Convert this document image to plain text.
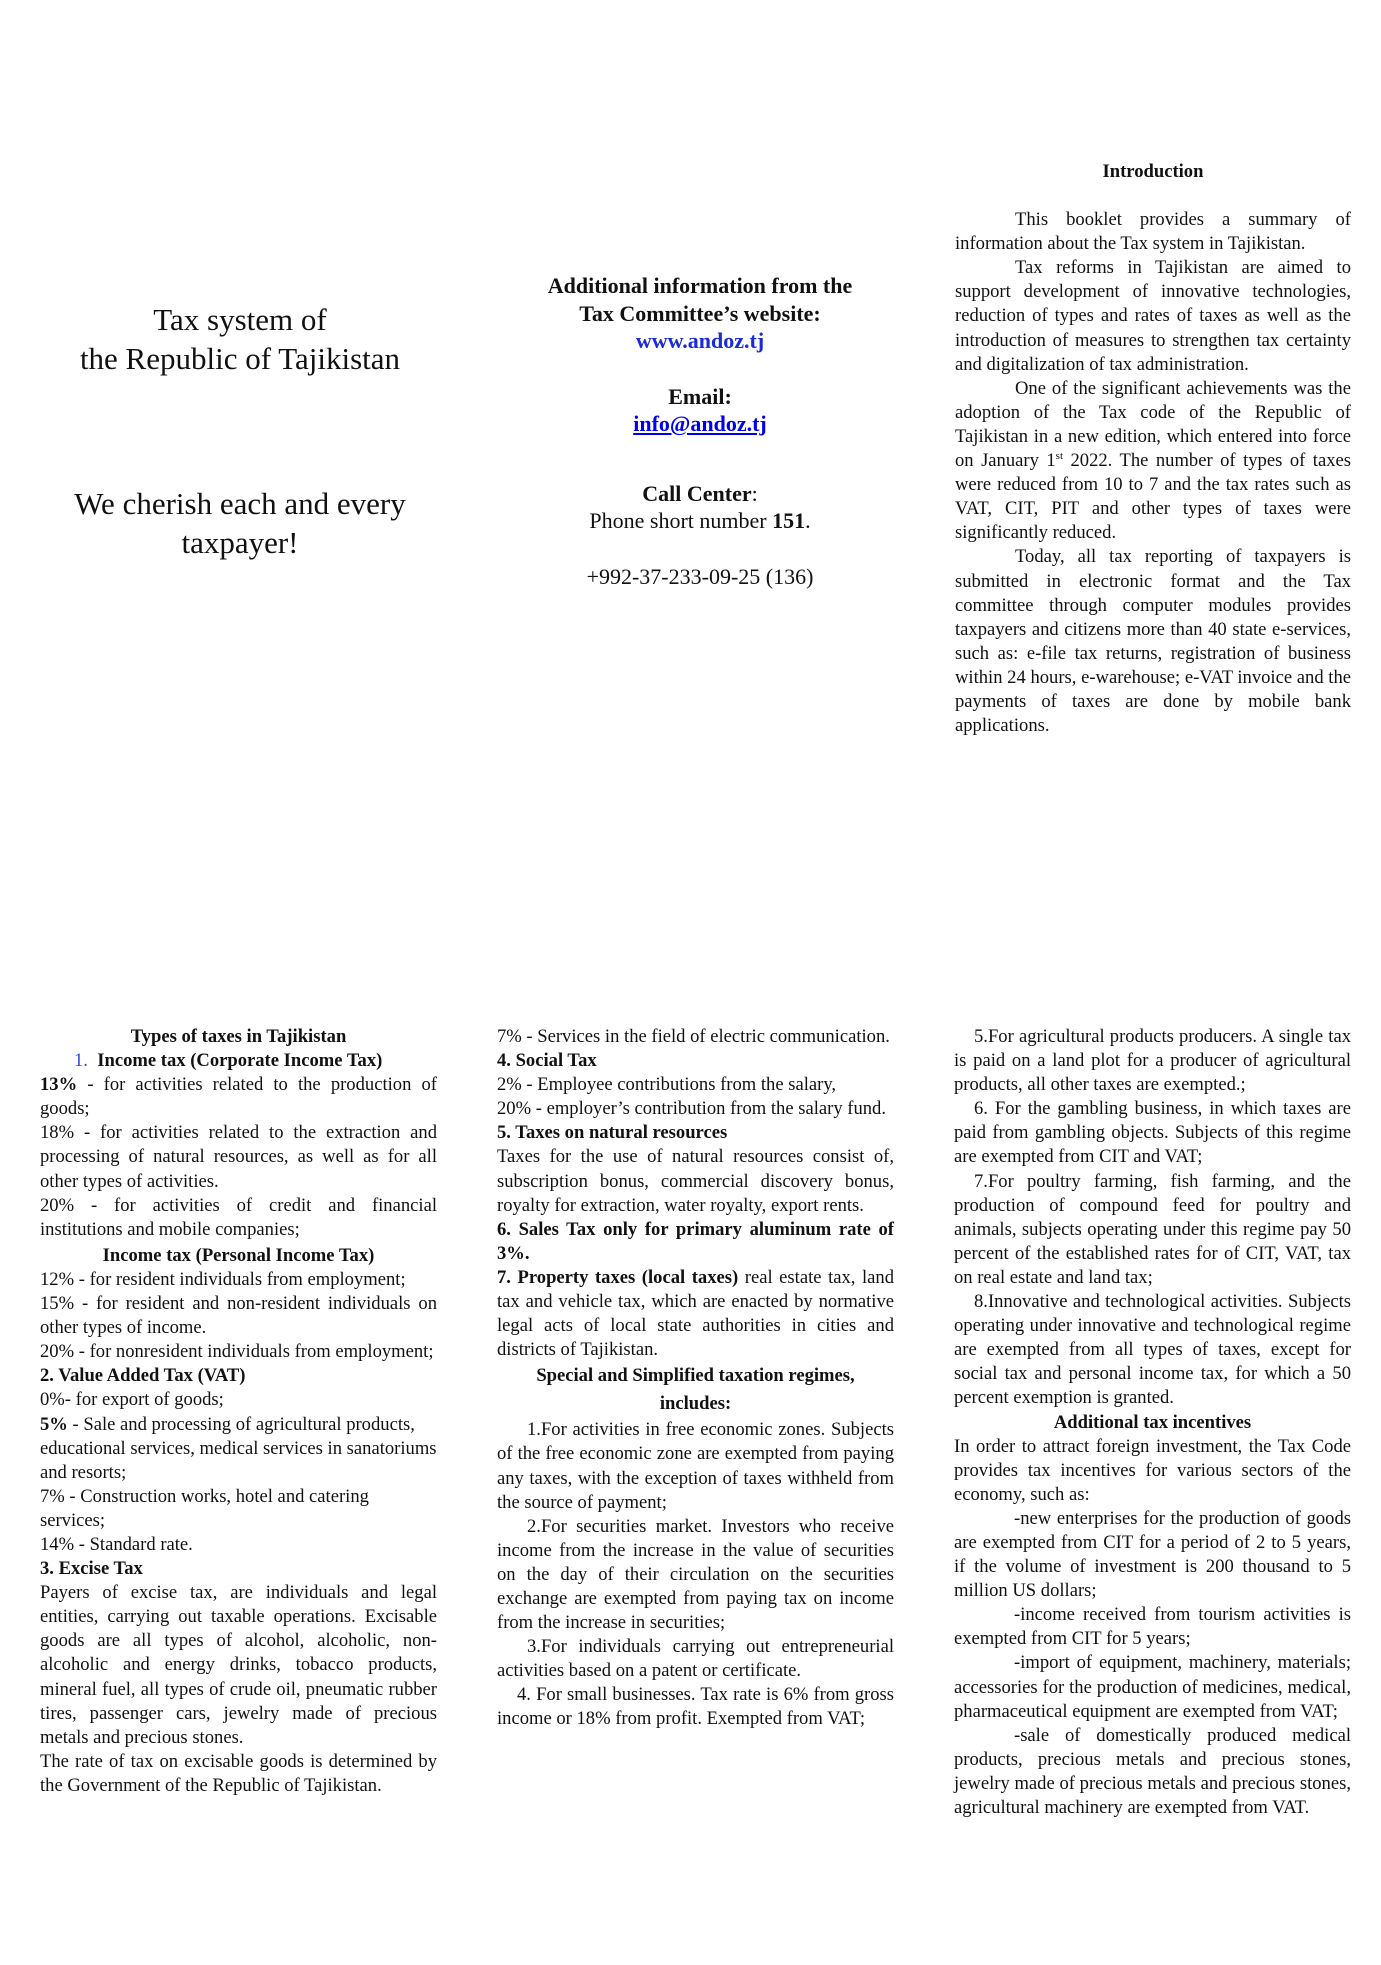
Tax system of
the Republic of Tajikistan
We cherish each and every
taxpayer!
Additional information from the
Tax Committee’s website:
www.andoz.tj
Email:
info@andoz.tj
Call Center:
Phone short number 151.
+992-37-233-09-25 (136)
Introduction

This booklet provides a summary of information about the Tax system in Tajikistan.

Tax reforms in Tajikistan are aimed to support development of innovative technologies, reduction of types and rates of taxes as well as the introduction of measures to strengthen tax certainty and digitalization of tax administration.

One of the significant achievements was the adoption of the Tax code of the Republic of Tajikistan in a new edition, which entered into force on January 1st 2022. The number of types of taxes were reduced from 10 to 7 and the tax rates such as VAT, CIT, PIT and other types of taxes were significantly reduced.

Today, all tax reporting of taxpayers is submitted in electronic format and the Tax committee through computer modules provides taxpayers and citizens more than 40 state e-services, such as: e-file tax returns, registration of business within 24 hours, e-warehouse; e-VAT invoice and the payments of taxes are done by mobile bank applications.

Types of taxes in Tajikistan
1. Income tax (Corporate Income Tax)

13% - for activities related to the production of goods;

18% - for activities related to the extraction and processing of natural resources, as well as for all other types of activities.

20% - for activities of credit and financial institutions and mobile companies;

Income tax (Personal Income Tax)

12% - for resident individuals from employment;

15% - for resident and non-resident individuals on other types of income.

20% - for nonresident individuals from employment;

2. Value Added Tax (VAT)

0%- for export of goods;

5% - Sale and processing of agricultural products, educational services, medical services in sanatoriums and resorts;

7% - Construction works, hotel and catering services;

14% - Standard rate.

3. Excise Tax

Payers of excise tax, are individuals and legal entities, carrying out taxable operations. Excisable goods are all types of alcohol, alcoholic, non-alcoholic and energy drinks, tobacco products, mineral fuel, all types of crude oil, pneumatic rubber tires, passenger cars, jewelry made of precious metals and precious stones.

The rate of tax on excisable goods is determined by the Government of the Republic of Tajikistan.

7% - Services in the field of electric communication.

4. Social Tax

2% - Employee contributions from the salary,

20% - employer’s contribution from the salary fund.

5. Taxes on natural resources

Taxes for the use of natural resources consist of, subscription bonus, commercial discovery bonus, royalty for extraction, water royalty, export rents.

6. Sales Tax only for primary aluminum rate of 3%.

7. Property taxes (local taxes) real estate tax, land tax and vehicle tax, which are enacted by normative legal acts of local state authorities in cities and districts of Tajikistan.

Special and Simplified taxation regimes,
includes:

1.For activities in free economic zones. Subjects of the free economic zone are exempted from paying any taxes, with the exception of taxes withheld from the source of payment;

2.For securities market. Investors who receive income from the increase in the value of securities on the day of their circulation on the securities exchange are exempted from paying tax on income from the increase in securities;

3.For individuals carrying out entrepreneurial activities based on a patent or certificate.

4. For small businesses. Tax rate is 6% from gross income or 18% from profit. Exempted from VAT;

5.For agricultural products producers. A single tax is paid on a land plot for a producer of agricultural products, all other taxes are exempted.;

6. For the gambling business, in which taxes are paid from gambling objects. Subjects of this regime are exempted from CIT and VAT;

7.For poultry farming, fish farming, and the production of compound feed for poultry and animals, subjects operating under this regime pay 50 percent of the established rates for of CIT, VAT, tax on real estate and land tax;

8.Innovative and technological activities. Subjects operating under innovative and technological regime are exempted from all types of taxes, except for social tax and personal income tax, for which a 50 percent exemption is granted.

Additional tax incentives

In order to attract foreign investment, the Tax Code provides tax incentives for various sectors of the economy, such as:

-new enterprises for the production of goods are exempted from CIT for a period of 2 to 5 years, if the volume of investment is 200 thousand to 5 million US dollars;

-income received from tourism activities is exempted from CIT for 5 years;

-import of equipment, machinery, materials; accessories for the production of medicines, medical, pharmaceutical equipment are exempted from VAT;

-sale of domestically produced medical products, precious metals and precious stones, jewelry made of precious metals and precious stones, agricultural machinery are exempted from VAT.
